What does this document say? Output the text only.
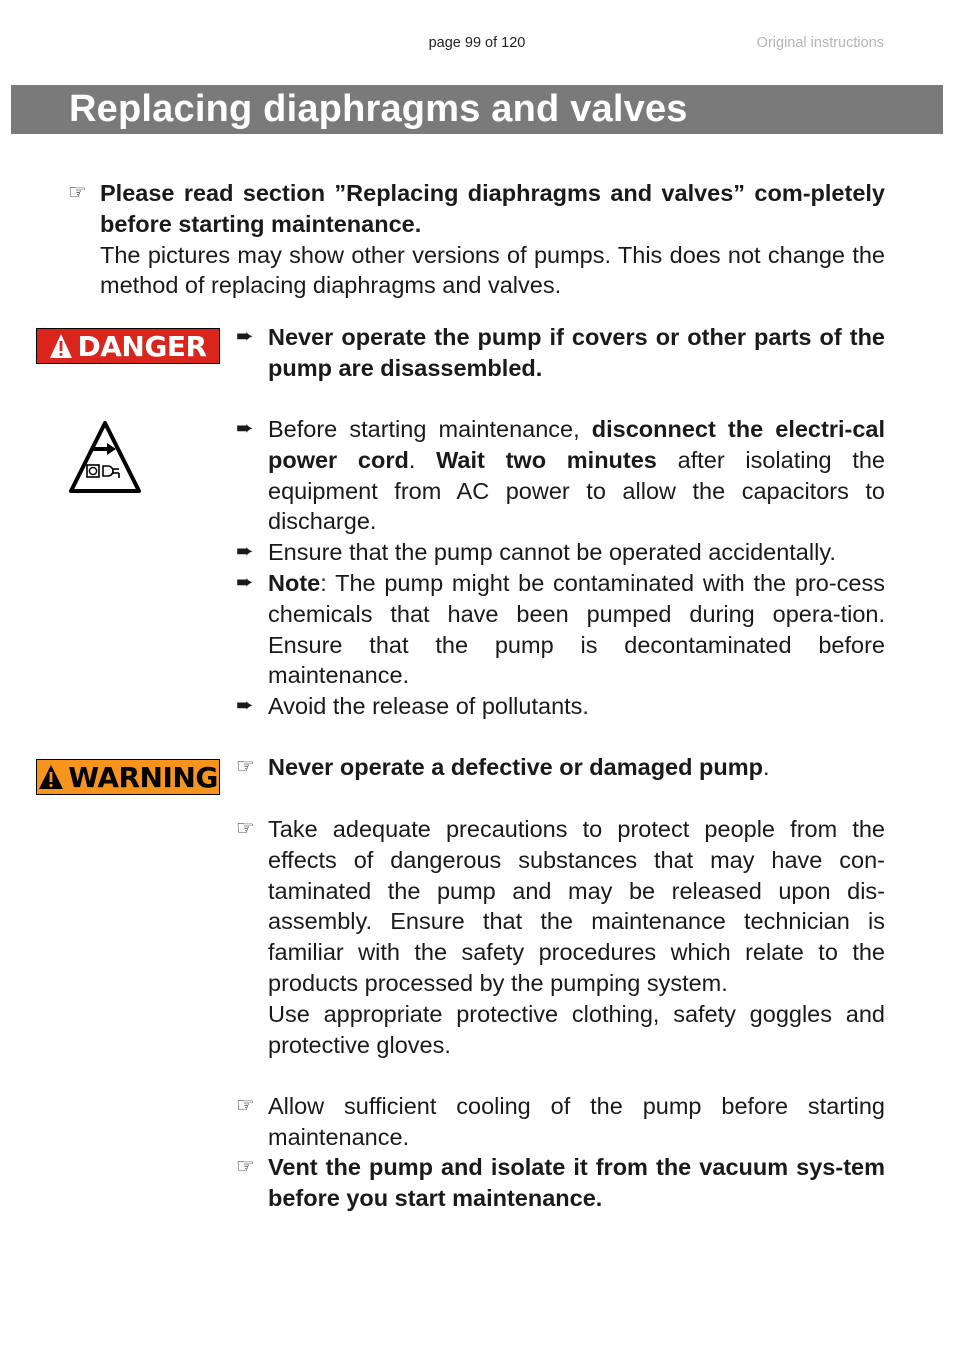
page 99 of 120	Original instructions
Replacing diaphragms and valves
☞ Please read section ”Replacing diaphragms and valves” com-pletely before starting maintenance.
The pictures may show other versions of pumps. This does not change the method of replacing diaphragms and valves.
DANGER ➨ Never operate the pump if covers or other parts of the pump are disassembled.
➨ Before starting maintenance, disconnect the electri-cal power cord. Wait two minutes after isolating the equipment from AC power to allow the capacitors to discharge.
➨ Ensure that the pump cannot be operated accidentally.
➨ Note: The pump might be contaminated with the pro-cess chemicals that have been pumped during opera-tion. Ensure that the pump is decontaminated before maintenance.
➨ Avoid the release of pollutants.
WARNING ☞ Never operate a defective or damaged pump.
☞ Take adequate precautions to protect people from the effects of dangerous substances that may have con-taminated the pump and may be released upon dis-assembly. Ensure that the maintenance technician is familiar with the safety procedures which relate to the products processed by the pumping system.
Use appropriate protective clothing, safety goggles and protective gloves.
☞ Allow sufficient cooling of the pump before starting maintenance.
☞ Vent the pump and isolate it from the vacuum sys-tem before you start maintenance.
